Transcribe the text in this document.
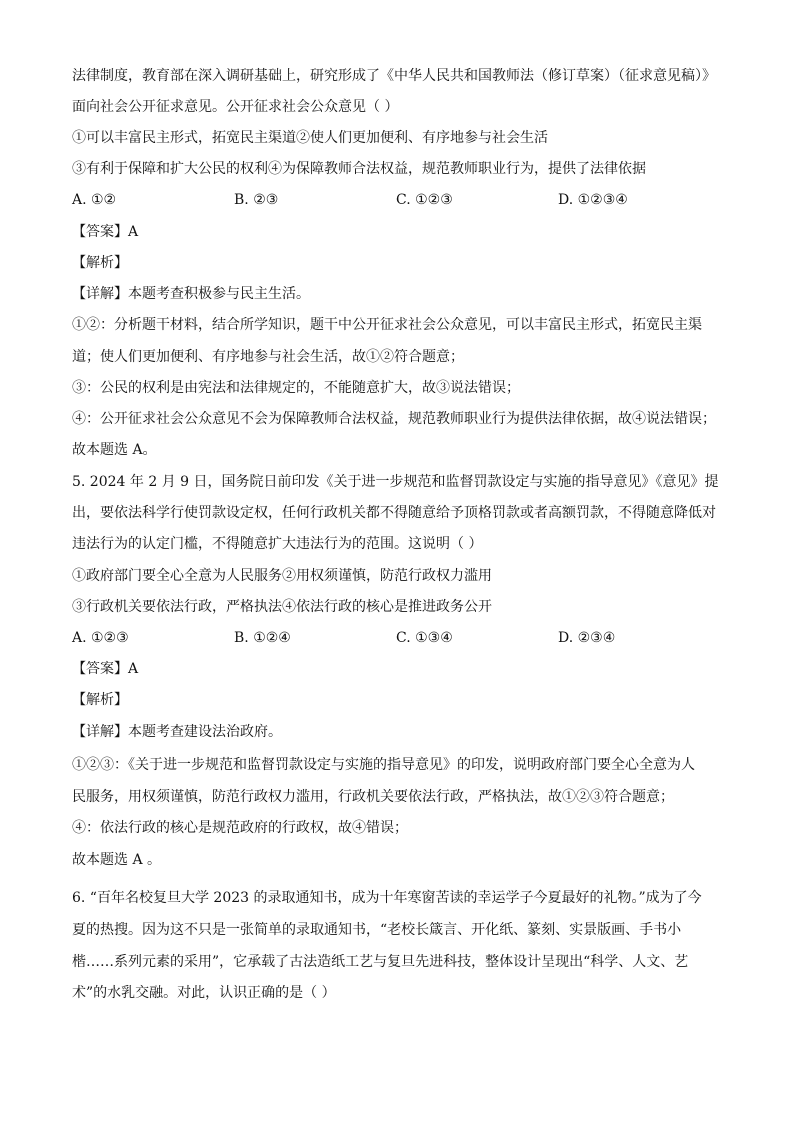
法律制度，教育部在深入调研基础上，研究形成了《中华人民共和国教师法（修订草案）（征求意见稿）》
面向社会公开征求意见。公开征求社会公众意见（ ）
①可以丰富民主形式，拓宽民主渠道②使人们更加便利、有序地参与社会生活
③有利于保障和扩大公民的权利④为保障教师合法权益，规范教师职业行为，提供了法律依据
A. ①②	B. ②③	C. ①②③	D. ①②③④
【答案】A
【解析】
【详解】本题考查积极参与民主生活。
①②：分析题干材料，结合所学知识，题干中公开征求社会公众意见，可以丰富民主形式，拓宽民主渠
道；使人们更加便利、有序地参与社会生活，故①②符合题意；
③：公民的权利是由宪法和法律规定的，不能随意扩大，故③说法错误；
④：公开征求社会公众意见不会为保障教师合法权益，规范教师职业行为提供法律依据，故④说法错误；
故本题选 A。
5. 2024 年 2 月 9 日，国务院日前印发《关于进一步规范和监督罚款设定与实施的指导意见》《意见》提
出，要依法科学行使罚款设定权，任何行政机关都不得随意给予顶格罚款或者高额罚款，不得随意降低对
违法行为的认定门槛，不得随意扩大违法行为的范围。这说明（ ）
①政府部门要全心全意为人民服务②用权须谨慎，防范行政权力滥用
③行政机关要依法行政，严格执法④依法行政的核心是推进政务公开
A. ①②③	B. ①②④	C. ①③④	D. ②③④
【答案】A
【解析】
【详解】本题考查建设法治政府。
①②③：《关于进一步规范和监督罚款设定与实施的指导意见》的印发，说明政府部门要全心全意为人
民服务，用权须谨慎，防范行政权力滥用，行政机关要依法行政，严格执法，故①②③符合题意；
④：依法行政的核心是规范政府的行政权，故④错误；
故本题选 A 。
6. “百年名校复旦大学 2023 的录取通知书，成为十年寒窗苦读的幸运学子今夏最好的礼物。”成为了今
夏的热搜。因为这不只是一张简单的录取通知书，“老校长箴言、开化纸、篆刻、实景版画、手书小
楷……系列元素的采用”，它承载了古法造纸工艺与复旦先进科技，整体设计呈现出“科学、人文、艺
术”的水乳交融。对此，认识正确的是（ ）
